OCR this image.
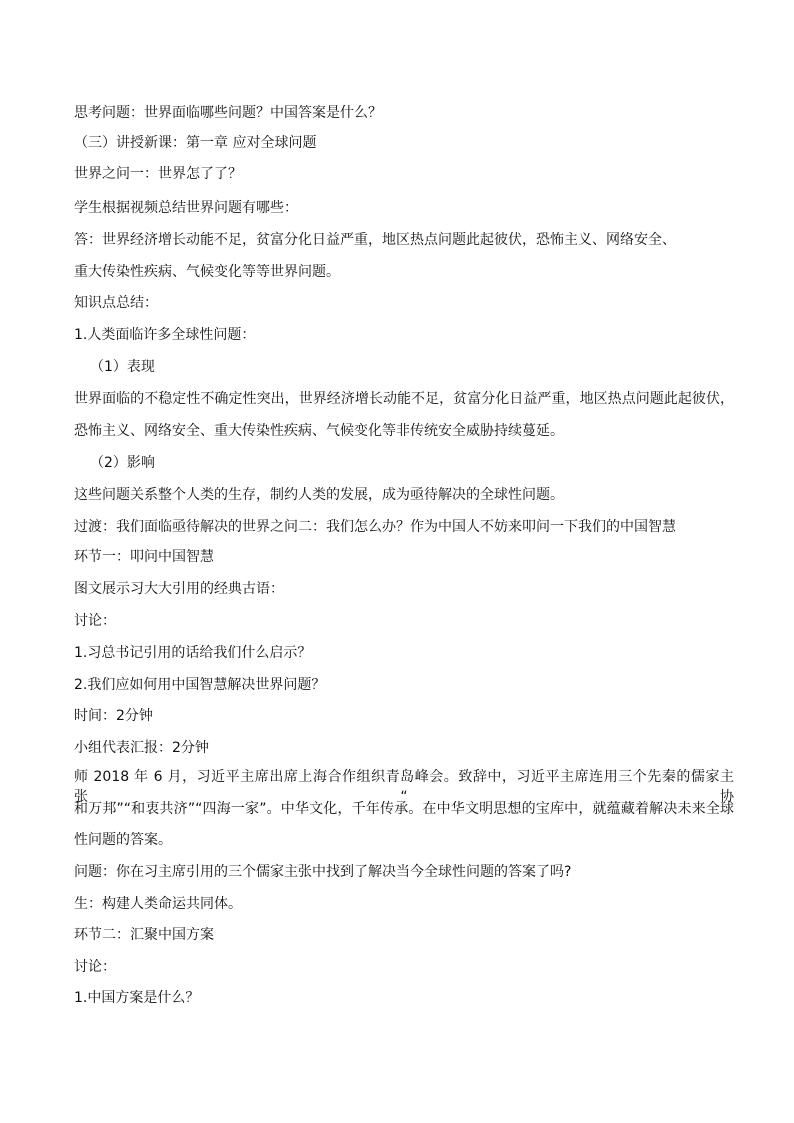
思考问题：世界面临哪些问题？中国答案是什么？
（三）讲授新课：第一章 应对全球问题
世界之问一：世界怎了了？
学生根据视频总结世界问题有哪些：
答：世界经济增长动能不足，贫富分化日益严重，地区热点问题此起彼伏，恐怖主义、网络安全、
重大传染性疾病、气候变化等等世界问题。
知识点总结：
1.人类面临许多全球性问题：
（1）表现
世界面临的不稳定性不确定性突出，世界经济增长动能不足，贫富分化日益严重，地区热点问题此起彼伏，
恐怖主义、网络安全、重大传染性疾病、气候变化等非传统安全威胁持续蔓延。
（2）影响
这些问题关系整个人类的生存，制约人类的发展，成为亟待解决的全球性问题。
过渡：我们面临亟待解决的世界之问二：我们怎么办？作为中国人不妨来叩问一下我们的中国智慧
环节一：叩问中国智慧
图文展示习大大引用的经典古语：
讨论：
1.习总书记引用的话给我们什么启示？
2.我们应如何用中国智慧解决世界问题？
时间：2分钟
小组代表汇报：2分钟
师 2018 年 6 月，习近平主席出席上海合作组织青岛峰会。致辞中，习近平主席连用三个先秦的儒家主张“协
和万邦”“和衷共济”“四海一家”。中华文化，千年传承。在中华文明思想的宝库中，就蕴藏着解决未来全球
性问题的答案。
问题：你在习主席引用的三个儒家主张中找到了解决当今全球性问题的答案了吗?
生：构建人类命运共同体。
环节二：汇聚中国方案
讨论：
1.中国方案是什么？
